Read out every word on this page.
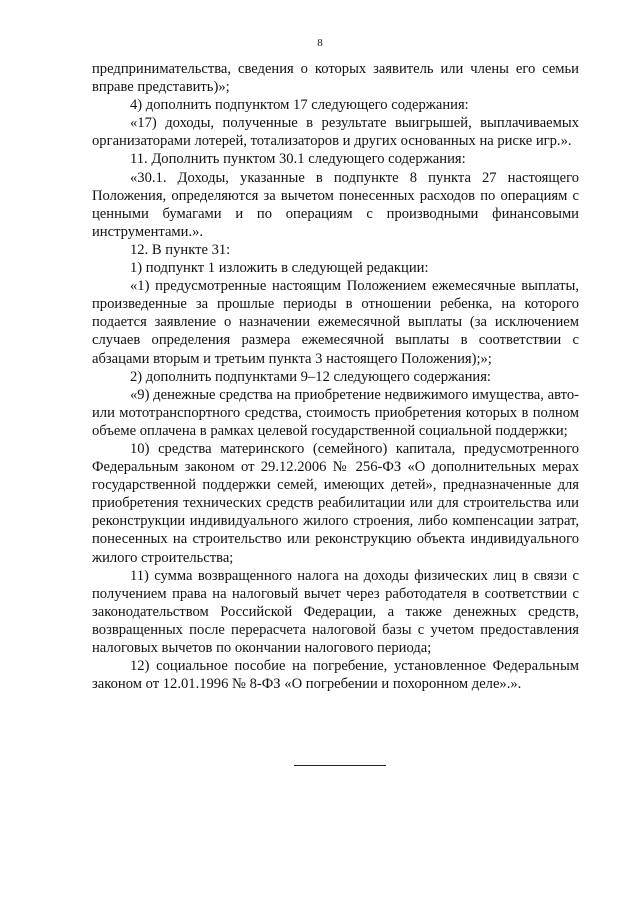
8

предпринимательства, сведения о которых заявитель или члены его семьи вправе представить)»;

4) дополнить подпунктом 17 следующего содержания:

«17) доходы, полученные в результате выигрышей, выплачиваемых организаторами лотерей, тотализаторов и других основанных на риске игр.».

11. Дополнить пунктом 30.1 следующего содержания:

«30.1. Доходы, указанные в подпункте 8 пункта 27 настоящего Положения, определяются за вычетом понесенных расходов по операциям с ценными бумагами и по операциям с производными финансовыми инструментами.».

12. В пункте 31:

1) подпункт 1 изложить в следующей редакции:

«1) предусмотренные настоящим Положением ежемесячные выплаты, произведенные за прошлые периоды в отношении ребенка, на которого подается заявление о назначении ежемесячной выплаты (за исключением случаев определения размера ежемесячной выплаты в соответствии с абзацами вторым и третьим пункта 3 настоящего Положения);»;

2) дополнить подпунктами 9–12 следующего содержания:

«9) денежные средства на приобретение недвижимого имущества, авто- или мототранспортного средства, стоимость приобретения которых в полном объеме оплачена в рамках целевой государственной социальной поддержки;

10) средства материнского (семейного) капитала, предусмотренного Федеральным законом от 29.12.2006 № 256-ФЗ «О дополнительных мерах государственной поддержки семей, имеющих детей», предназначенные для приобретения технических средств реабилитации или для строительства или реконструкции индивидуального жилого строения, либо компенсации затрат, понесенных на строительство или реконструкцию объекта индивидуального жилого строительства;

11) сумма возвращенного налога на доходы физических лиц в связи с получением права на налоговый вычет через работодателя в соответствии с законодательством Российской Федерации, а также денежных средств, возвращенных после перерасчета налоговой базы с учетом предоставления налоговых вычетов по окончании налогового периода;

12) социальное пособие на погребение, установленное Федеральным законом от 12.01.1996 № 8-ФЗ «О погребении и похоронном деле».».
